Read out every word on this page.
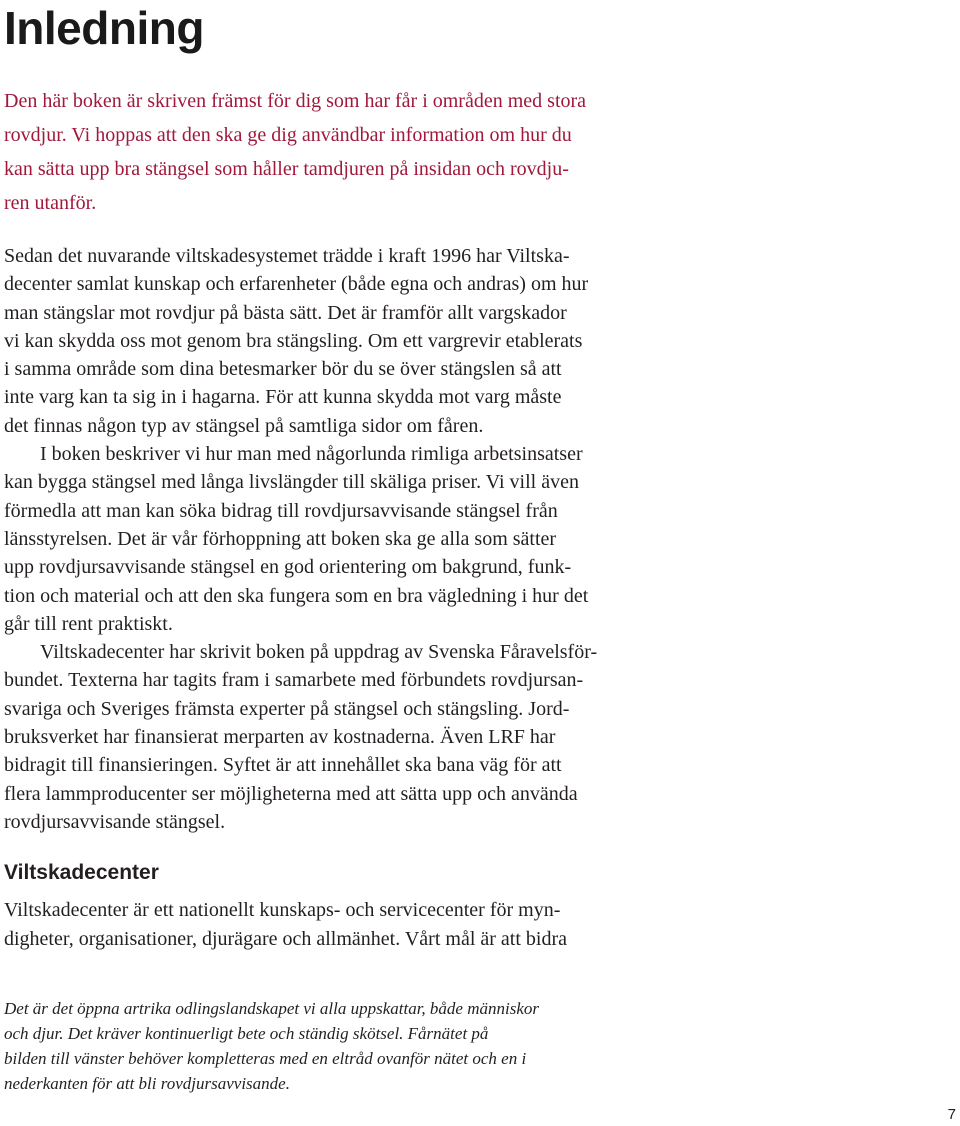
Inledning

Den här boken är skriven främst för dig som har får i områden med stora
rovdjur. Vi hoppas att den ska ge dig användbar information om hur du
kan sätta upp bra stängsel som håller tamdjuren på insidan och rovdju-
ren utanför.

Sedan det nuvarande viltskadesystemet trädde i kraft 1996 har Viltska-
decenter samlat kunskap och erfarenheter (både egna och andras) om hur
man stängslar mot rovdjur på bästa sätt. Det är framför allt vargskador
vi kan skydda oss mot genom bra stängsling. Om ett vargrevir etablerats
i samma område som dina betesmarker bör du se över stängslen så att
inte varg kan ta sig in i hagarna. För att kunna skydda mot varg måste
det finnas någon typ av stängsel på samtliga sidor om fåren.
I boken beskriver vi hur man med någorlunda rimliga arbetsinsatser
kan bygga stängsel med långa livslängder till skäliga priser. Vi vill även
förmedla att man kan söka bidrag till rovdjursavvisande stängsel från
länsstyrelsen. Det är vår förhoppning att boken ska ge alla som sätter
upp rovdjursavvisande stängsel en god orientering om bakgrund, funk-
tion och material och att den ska fungera som en bra vägledning i hur det
går till rent praktiskt.
Viltskadecenter har skrivit boken på uppdrag av Svenska Fåravelsför-
bundet. Texterna har tagits fram i samarbete med förbundets rovdjursan-
svariga och Sveriges främsta experter på stängsel och stängsling. Jord-
bruksverket har finansierat merparten av kostnaderna. Även LRF har
bidragit till finansieringen. Syftet är att innehållet ska bana väg för att
flera lammproducenter ser möjligheterna med att sätta upp och använda
rovdjursavvisande stängsel.
Viltskadecenter
Viltskadecenter är ett nationellt kunskaps- och servicecenter för myn-
digheter, organisationer, djurägare och allmänhet. Vårt mål är att bidra
Det är det öppna artrika odlingslandskapet vi alla uppskattar, både människor
och djur. Det kräver kontinuerligt bete och ständig skötsel. Fårnätet på
bilden till vänster behöver kompletteras med en eltråd ovanför nätet och en i
nederkanten för att bli rovdjursavvisande.
7
